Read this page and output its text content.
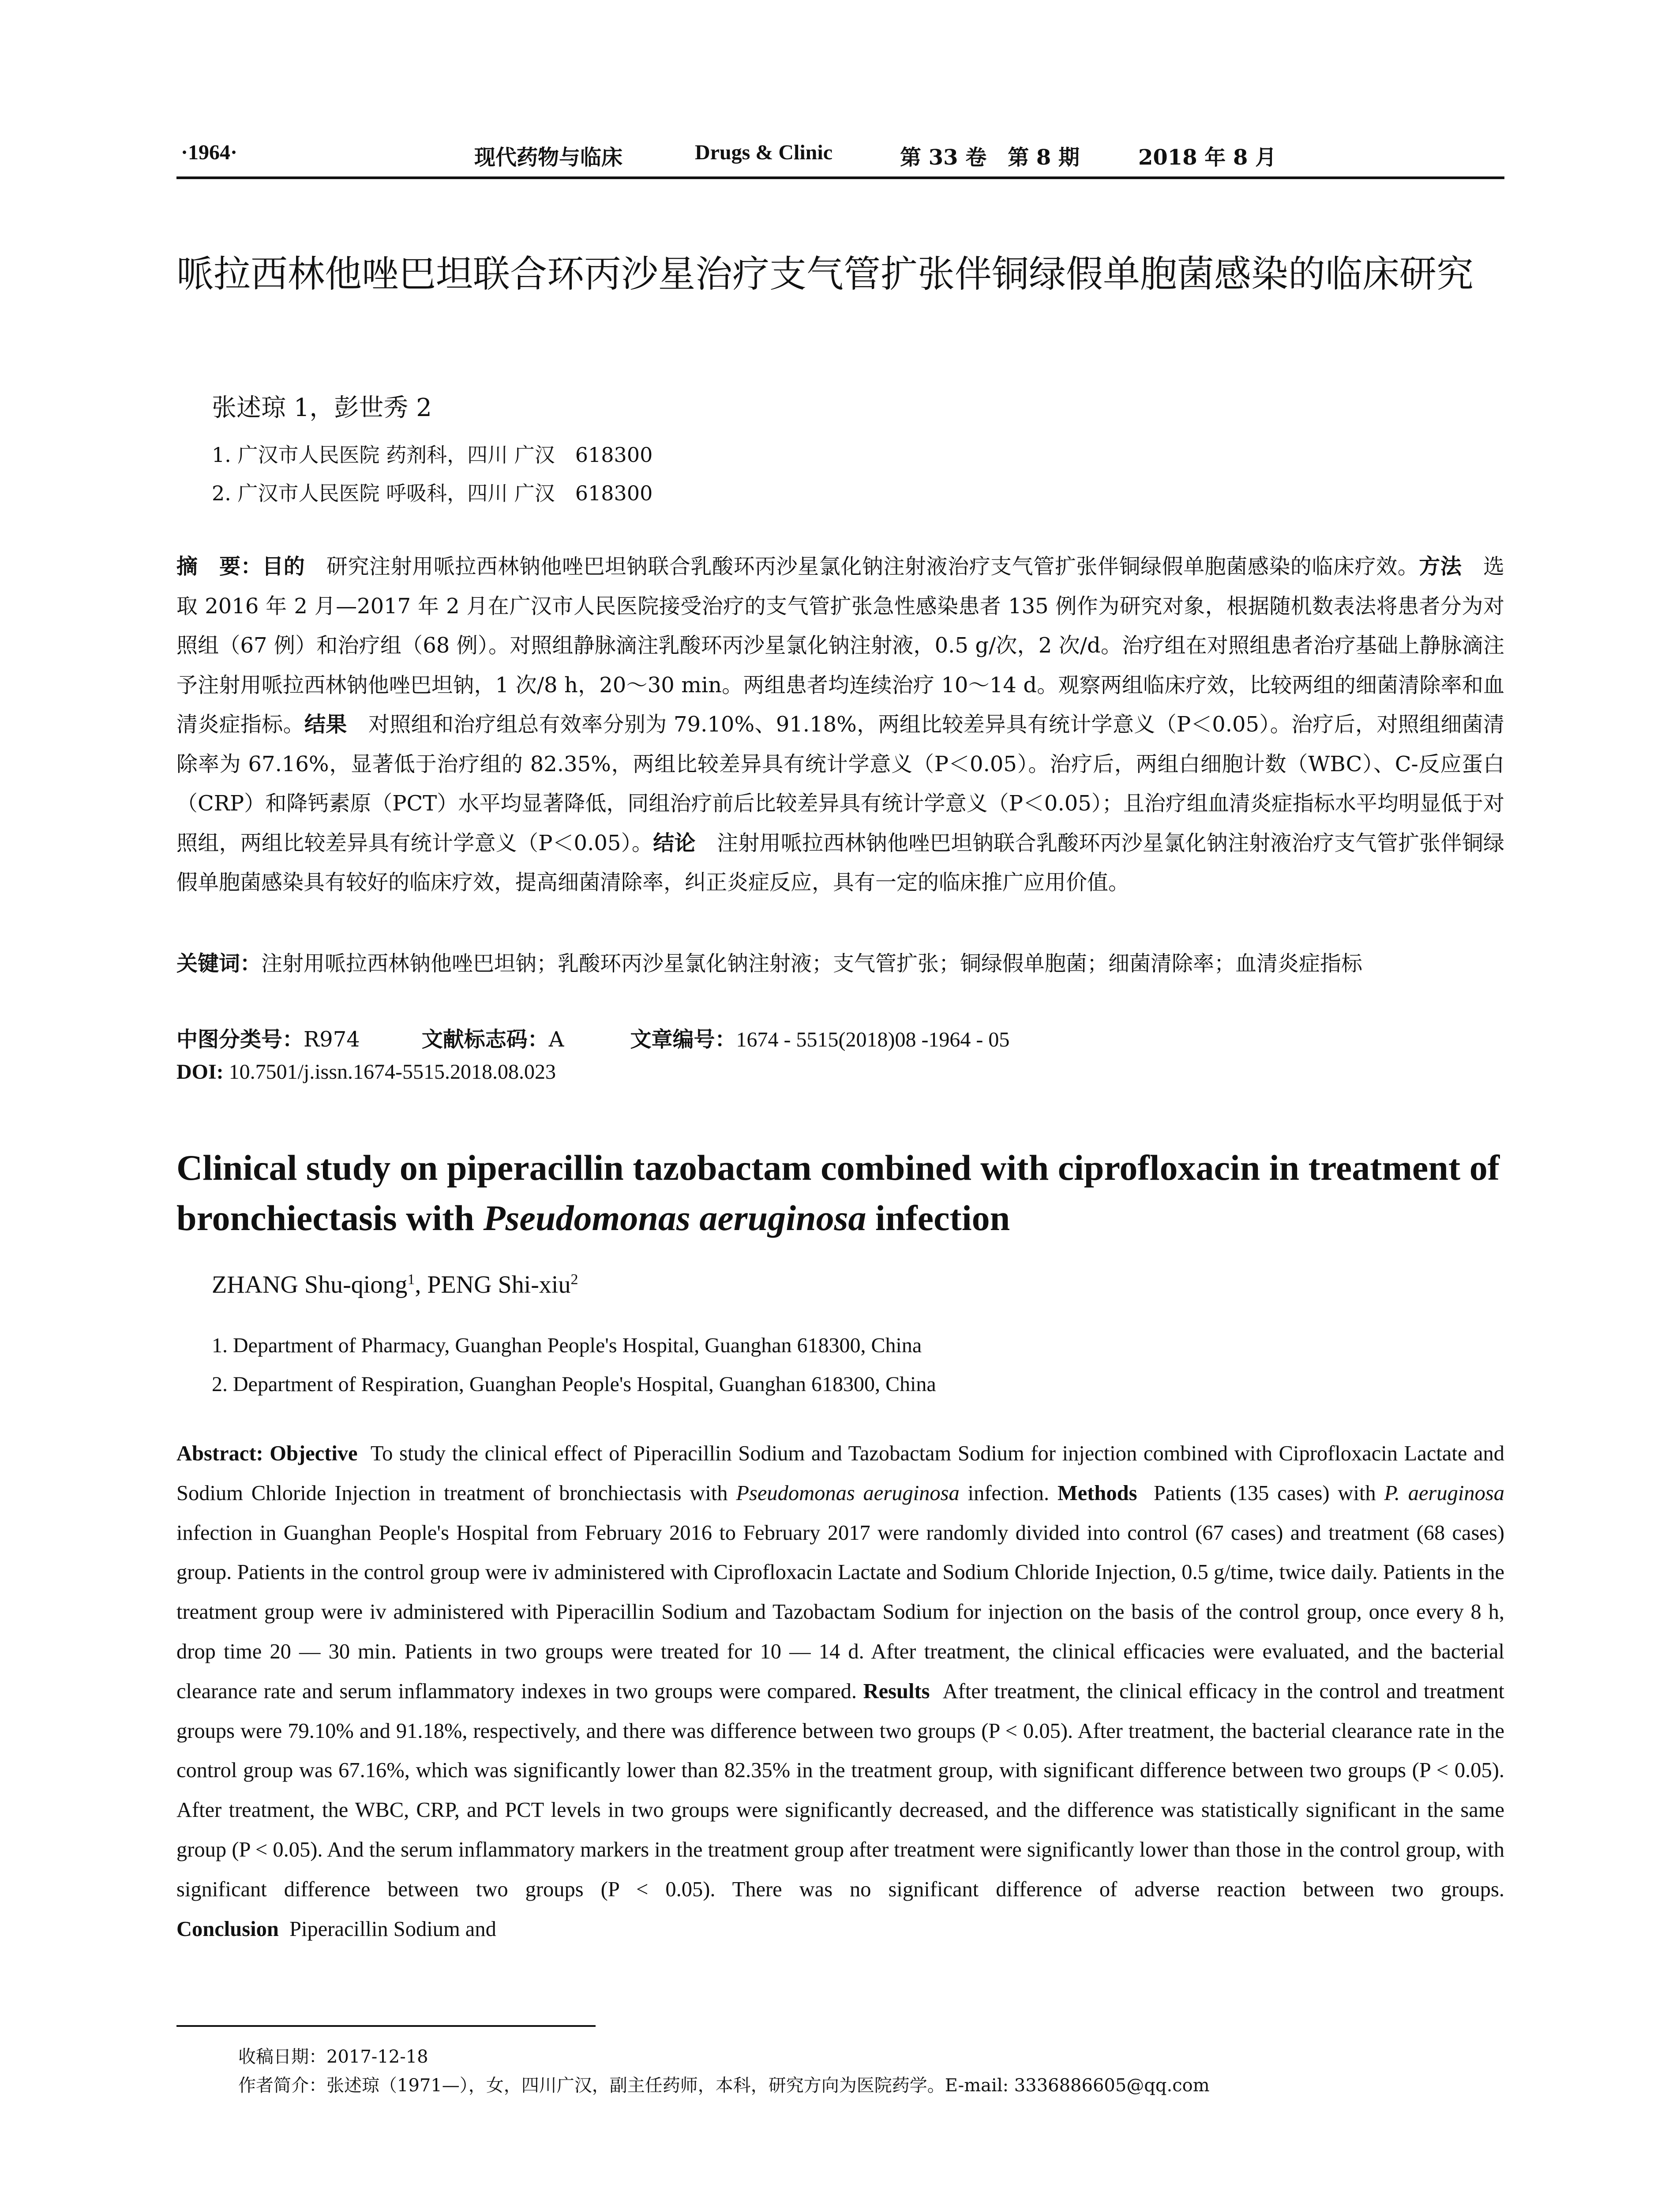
·1964·	现代药物与临床	Drugs & Clinic	第 33 卷　第 8 期	2018 年 8 月
哌拉西林他唑巴坦联合环丙沙星治疗支气管扩张伴铜绿假单胞菌感染的临床研究
张述琼 1，彭世秀 2
1. 广汉市人民医院 药剂科，四川 广汉　618300
2. 广汉市人民医院 呼吸科，四川 广汉　618300
摘　要：目的　 研究注射用哌拉西林钠他唑巴坦钠联合乳酸环丙沙星氯化钠注射液治疗支气管扩张伴铜绿假单胞菌感染的临床疗效。方法　 选取 2016 年 2 月—2017 年 2 月在广汉市人民医院接受治疗的支气管扩张急性感染患者 135 例作为研究对象，根据随机数表法将患者分为对照组（67 例）和治疗组（68 例）。对照组静脉滴注乳酸环丙沙星氯化钠注射液，0.5 g/次，2 次/d。治疗组在对照组患者治疗基础上静脉滴注予注射用哌拉西林钠他唑巴坦钠，1 次/8 h，20～30 min。两组患者均连续治疗 10～14 d。观察两组临床疗效，比较两组的细菌清除率和血清炎症指标。结果　 对照组和治疗组总有效率分别为 79.10%、91.18%，两组比较差异具有统计学意义（P＜0.05）。治疗后，对照组细菌清除率为 67.16%，显著低于治疗组的 82.35%，两组比较差异具有统计学意义（P＜0.05）。治疗后，两组白细胞计数（WBC）、C-反应蛋白（CRP）和降钙素原（PCT）水平均显著降低，同组治疗前后比较差异具有统计学意义（P＜0.05）；且治疗组血清炎症指标水平均明显低于对照组，两组比较差异具有统计学意义（P＜0.05）。结论　 注射用哌拉西林钠他唑巴坦钠联合乳酸环丙沙星氯化钠注射液治疗支气管扩张伴铜绿假单胞菌感染具有较好的临床疗效，提高细菌清除率，纠正炎症反应，具有一定的临床推广应用价值。
关键词：注射用哌拉西林钠他唑巴坦钠；乳酸环丙沙星氯化钠注射液；支气管扩张；铜绿假单胞菌；细菌清除率；血清炎症指标
中图分类号：R974	文献标志码：A	文章编号：1674 - 5515(2018)08 -1964 - 05
DOI: 10.7501/j.issn.1674-5515.2018.08.023
Clinical study on piperacillin tazobactam combined with ciprofloxacin in treatment of bronchiectasis with Pseudomonas aeruginosa infection
ZHANG Shu-qiong$^1$, PENG Shi-xiu$^2$
1. Department of Pharmacy, Guanghan People's Hospital, Guanghan 618300, China
2. Department of Respiration, Guanghan People's Hospital, Guanghan 618300, China
Abstract: Objective To study the clinical effect of Piperacillin Sodium and Tazobactam Sodium for injection combined with Ciprofloxacin Lactate and Sodium Chloride Injection in treatment of bronchiectasis with Pseudomonas aeruginosa infection. Methods Patients (135 cases) with P. aeruginosa infection in Guanghan People's Hospital from February 2016 to February 2017 were randomly divided into control (67 cases) and treatment (68 cases) group. Patients in the control group were iv administered with Ciprofloxacin Lactate and Sodium Chloride Injection, 0.5 g/time, twice daily. Patients in the treatment group were iv administered with Piperacillin Sodium and Tazobactam Sodium for injection on the basis of the control group, once every 8 h, drop time 20 — 30 min. Patients in two groups were treated for 10 — 14 d. After treatment, the clinical efficacies were evaluated, and the bacterial clearance rate and serum inflammatory indexes in two groups were compared. Results After treatment, the clinical efficacy in the control and treatment groups were 79.10% and 91.18%, respectively, and there was difference between two groups (P < 0.05). After treatment, the bacterial clearance rate in the control group was 67.16%, which was significantly lower than 82.35% in the treatment group, with significant difference between two groups (P < 0.05). After treatment, the WBC, CRP, and PCT levels in two groups were significantly decreased, and the difference was statistically significant in the same group (P < 0.05). And the serum inflammatory markers in the treatment group after treatment were significantly lower than those in the control group, with significant difference between two groups (P < 0.05). There was no significant difference of adverse reaction between two groups. Conclusion Piperacillin Sodium and
收稿日期：2017-12-18
作者简介：张述琼（1971—），女，四川广汉，副主任药师，本科，研究方向为医院药学。E-mail: 3336886605@qq.com
